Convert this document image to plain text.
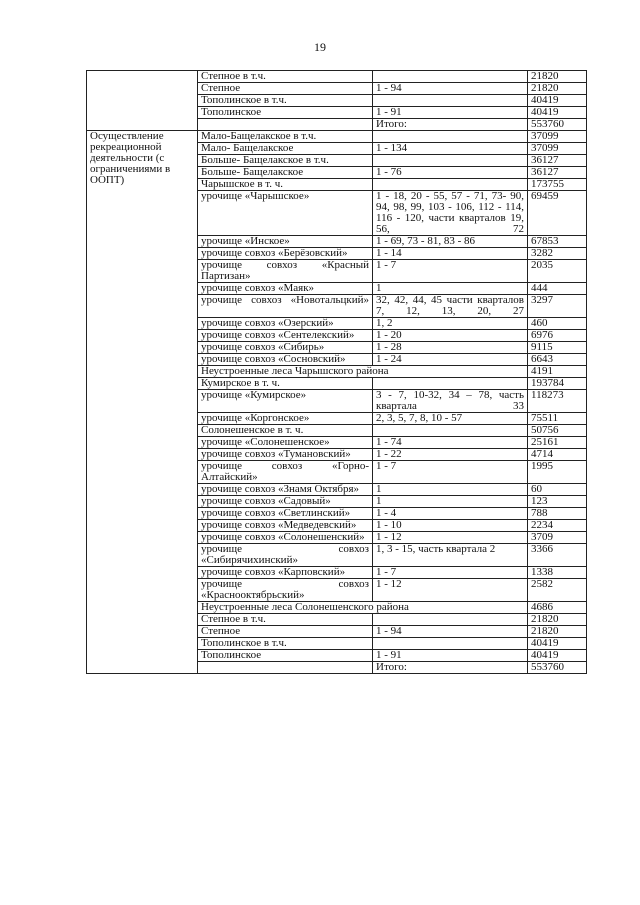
19
	Степное в т.ч.		21820
	Степное	1 - 94	21820
	Тополинское в т.ч.		40419
	Тополинское	1 - 91	40419
		Итого:	553760
Осуществление рекреационной деятельности (с ограничениями в ООПТ)	Мало-Бащелакское в т.ч.		37099
	Мало- Бащелакское	1 - 134	37099
	Больше- Бащелакское в т.ч.		36127
	Больше- Бащелакское	1 - 76	36127
	Чарышское в т. ч.		173755
	урочище «Чарышское»	1 - 18, 20 - 55, 57 - 71, 73- 90, 94, 98, 99, 103 - 106, 112 - 114, 116 - 120, части кварталов 19, 56, 72	69459
	урочище «Инское»	1 - 69, 73 - 81, 83 - 86	67853
	урочище совхоз «Берёзовский»	1 - 14	3282
	урочище совхоз «Красный Партизан»	1 - 7	2035
	урочище совхоз «Маяк»	1	444
	урочище совхоз «Новотальцкий»	32, 42, 44, 45 части кварталов 7, 12, 13, 20, 27	3297
	урочище совхоз «Озерский»	1, 2	460
	урочище совхоз «Сентелекский»	1 - 20	6976
	урочище совхоз «Сибирь»	1 - 28	9115
	урочище совхоз «Сосновский»	1 - 24	6643
	Неустроенные леса Чарышского района		4191
	Кумирское в т. ч.		193784
	урочище «Кумирское»	3 - 7, 10-32, 34 – 78, часть квартала 33	118273
	урочище «Коргонское»	2, 3, 5, 7, 8, 10 - 57	75511
	Солонешенское в т. ч.		50756
	урочище «Солонешенское»	1 - 74	25161
	урочище совхоз «Тумановский»	1 - 22	4714
	урочище совхоз «Горно-Алтайский»	1 - 7	1995
	урочище совхоз «Знамя Октября»	1	60
	урочище совхоз «Садовый»	1	123
	урочище совхоз «Светлинский»	1 - 4	788
	урочище совхоз «Медведевский»	1 - 10	2234
	урочище совхоз «Солонешенский»	1 - 12	3709
	урочище совхоз «Сибирячихинский»	1, 3 - 15, часть квартала 2	3366
	урочище совхоз «Карповский»	1 - 7	1338
	урочище совхоз «Краснооктябрьский»	1 - 12	2582
	Неустроенные леса Солонешенского района		4686
	Степное в т.ч.		21820
	Степное	1 - 94	21820
	Тополинское в т.ч.		40419
	Тополинское	1 - 91	40419
		Итого:	553760
